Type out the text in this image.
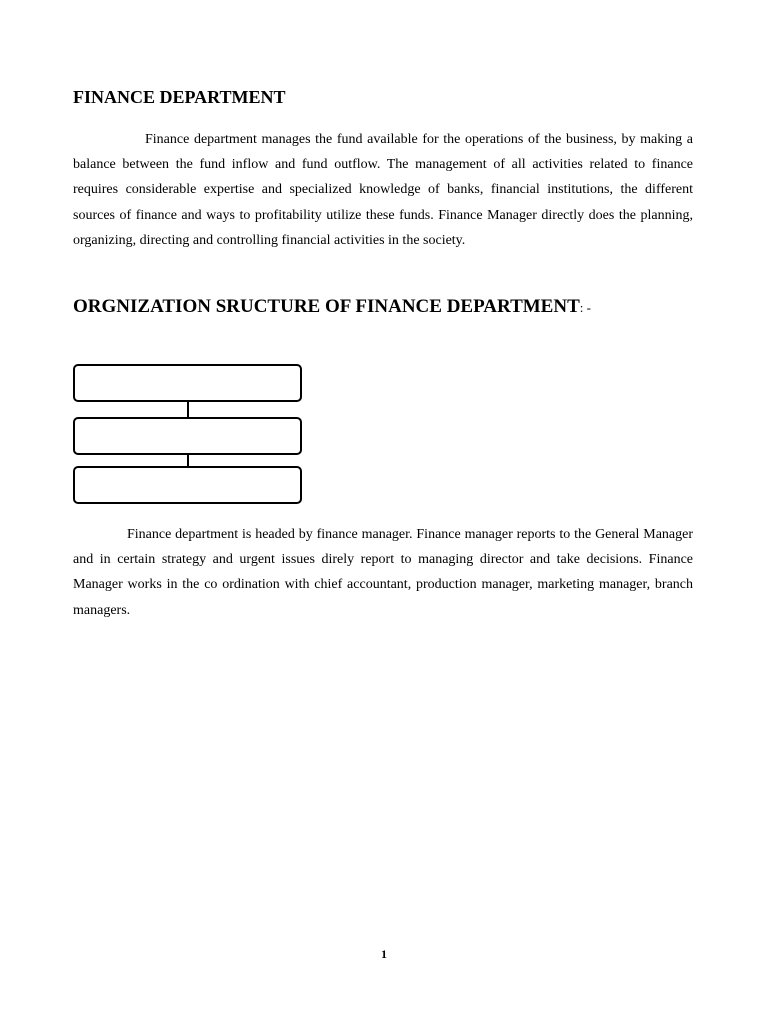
FINANCE DEPARTMENT

Finance department manages the fund available for the operations of the business, by making a balance between the fund inflow and fund outflow. The management of all activities related to finance requires considerable expertise and specialized knowledge of banks, financial institutions, the different sources of finance and ways to profitability utilize these funds. Finance Manager directly does the planning, organizing, directing and controlling financial activities in the society.

ORGNIZATION SRUCTURE OF FINANCE DEPARTMENT: -

Finance department is headed by finance manager. Finance manager reports to the General Manager and in certain strategy and urgent issues direly report to managing director and take decisions. Finance Manager works in the co ordination with chief accountant, production manager, marketing manager, branch managers.

1
